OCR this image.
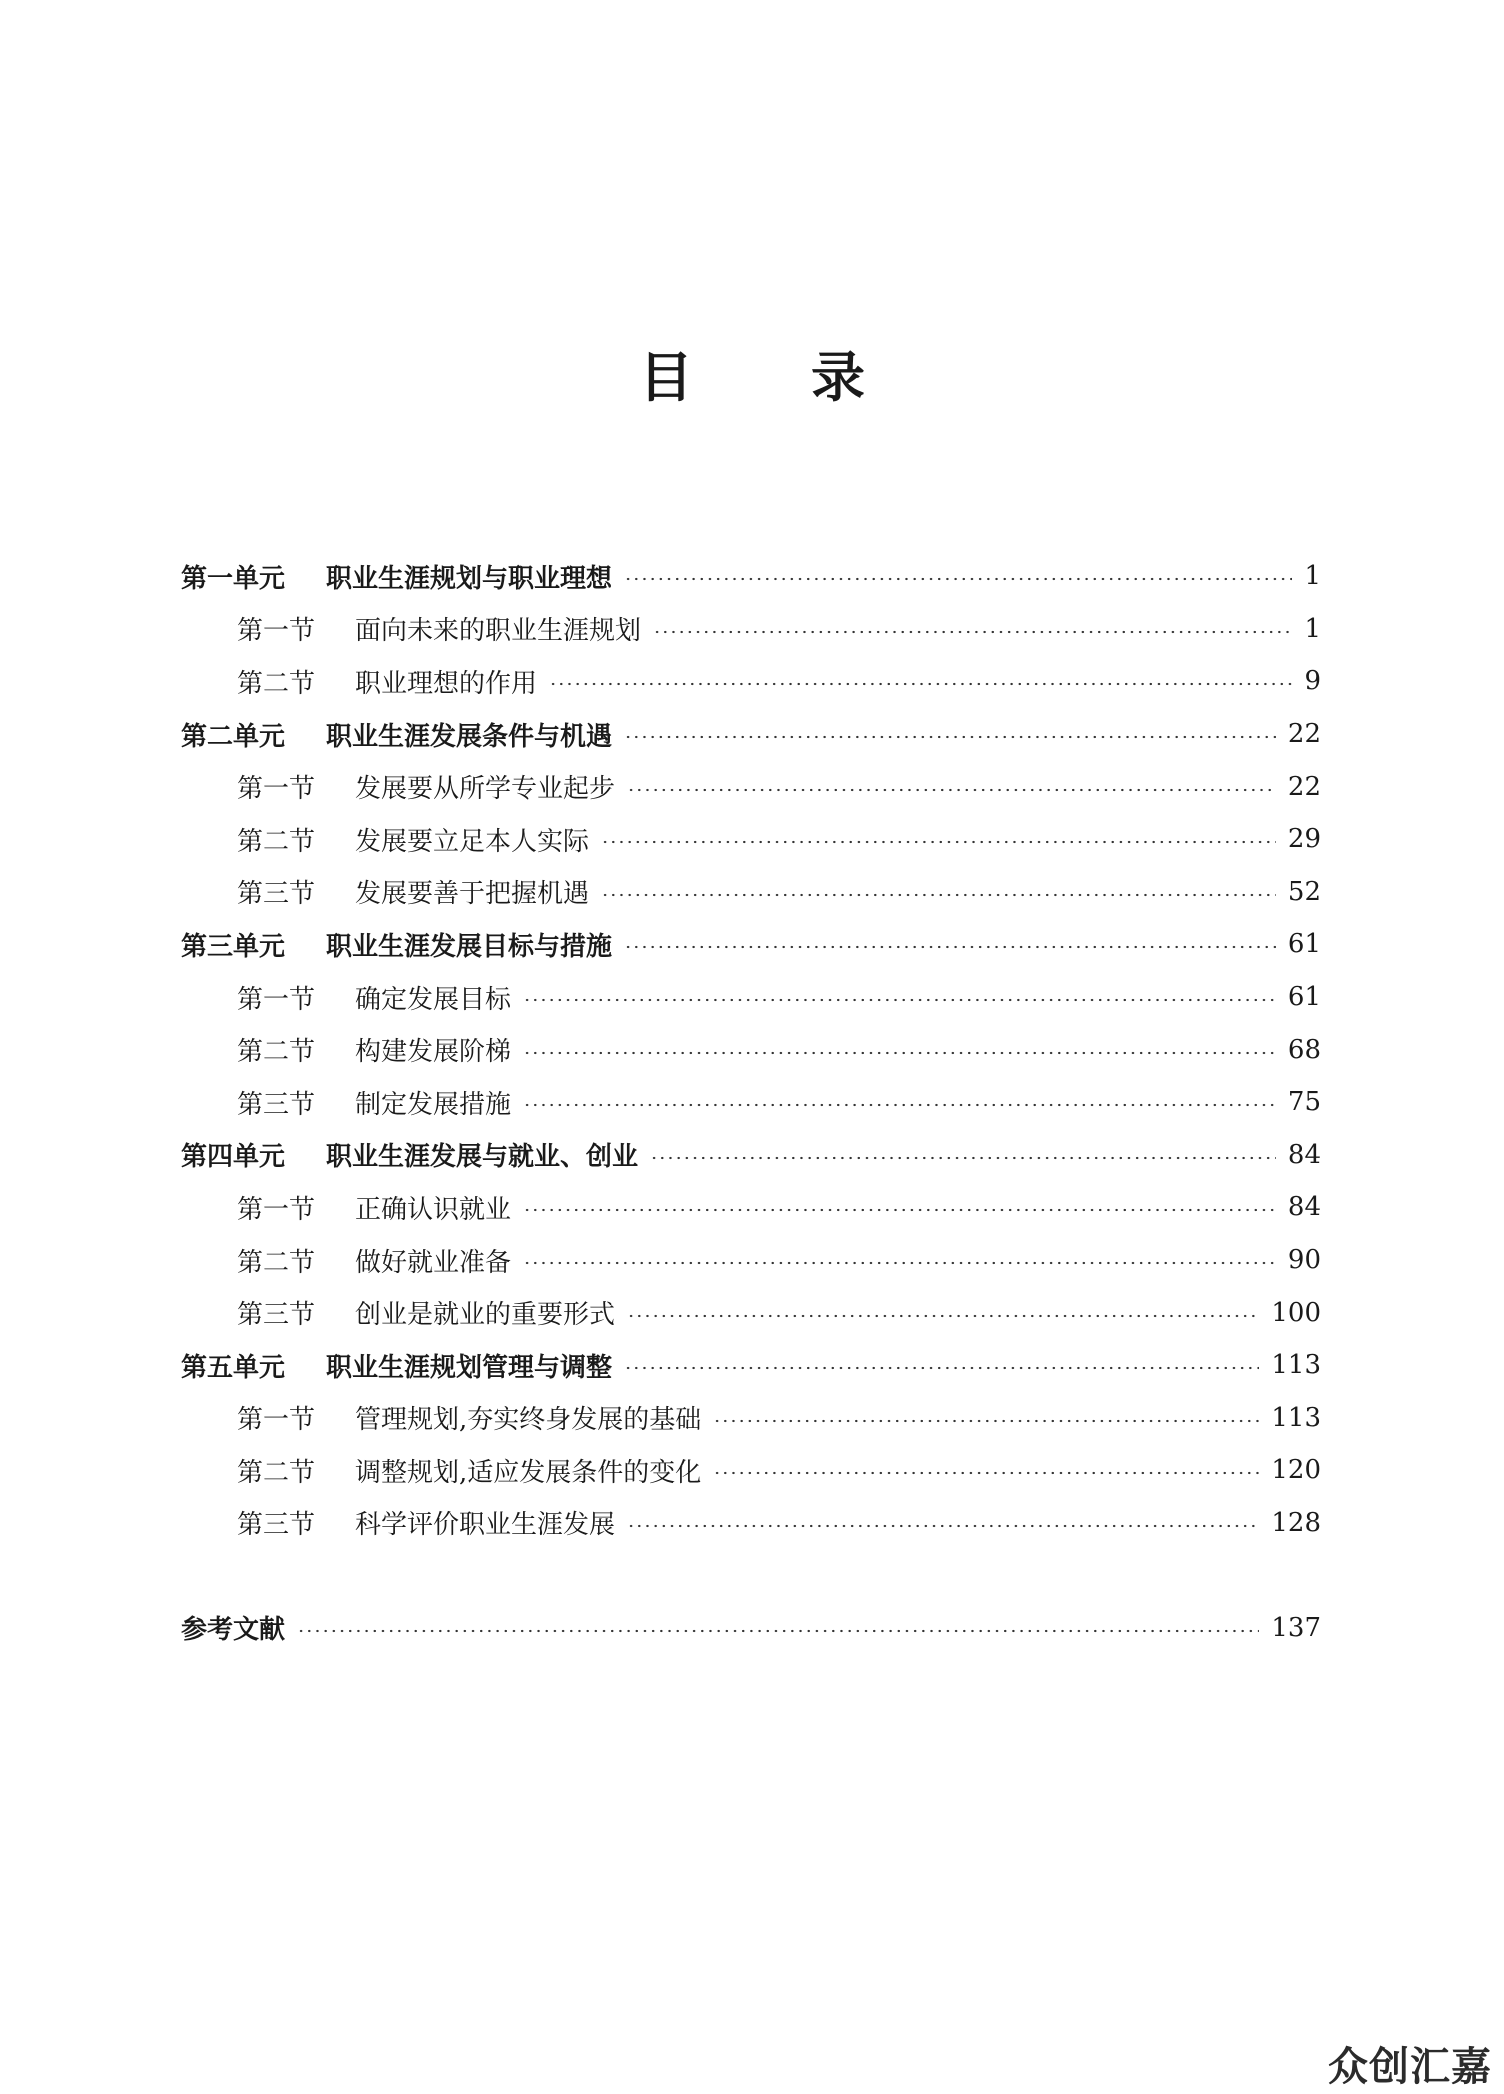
目 录
第一单元	职业生涯规划与职业理想	1
第一节	面向未来的职业生涯规划	1
第二节	职业理想的作用	9
第二单元	职业生涯发展条件与机遇	22
第一节	发展要从所学专业起步	22
第二节	发展要立足本人实际	29
第三节	发展要善于把握机遇	52
第三单元	职业生涯发展目标与措施	61
第一节	确定发展目标	61
第二节	构建发展阶梯	68
第三节	制定发展措施	75
第四单元	职业生涯发展与就业、创业	84
第一节	正确认识就业	84
第二节	做好就业准备	90
第三节	创业是就业的重要形式	100
第五单元	职业生涯规划管理与调整	113
第一节	管理规划,夯实终身发展的基础	113
第二节	调整规划,适应发展条件的变化	120
第三节	科学评价职业生涯发展	128
参考文献	137
众创汇嘉
